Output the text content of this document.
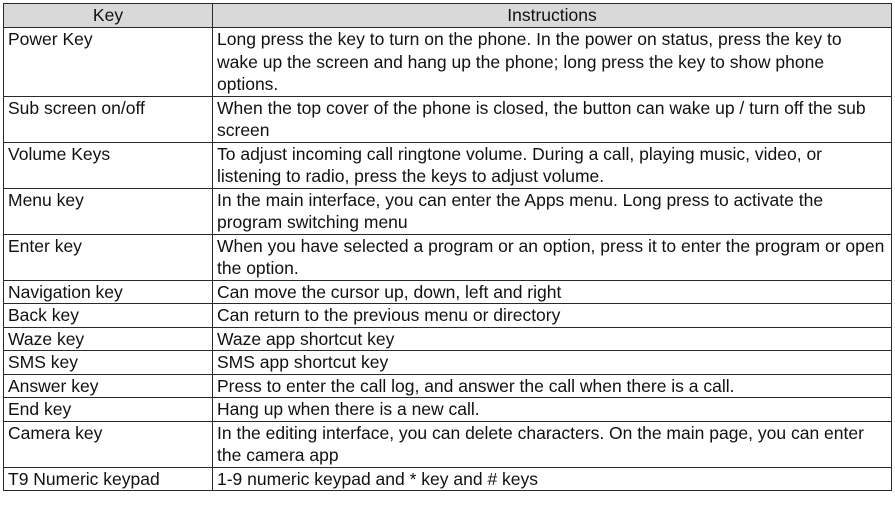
Key	Instructions
Power Key	Long press the key to turn on the phone. In the power on status, press the key to wake up the screen and hang up the phone; long press the key to show phone options.
Sub screen on/off	When the top cover of the phone is closed, the button can wake up / turn off the sub screen
Volume Keys	To adjust incoming call ringtone volume. During a call, playing music, video, or listening to radio, press the keys to adjust volume.
Menu key	In the main interface, you can enter the Apps menu. Long press to activate the program switching menu
Enter key	When you have selected a program or an option, press it to enter the program or open the option.
Navigation key	Can move the cursor up, down, left and right
Back key	Can return to the previous menu or directory
Waze key	Waze app shortcut key
SMS key	SMS app shortcut key
Answer key	Press to enter the call log, and answer the call when there is a call.
End key	Hang up when there is a new call.
Camera key	In the editing interface, you can delete characters. On the main page, you can enter the camera app
T9 Numeric keypad	1-9 numeric keypad and * key and # keys
